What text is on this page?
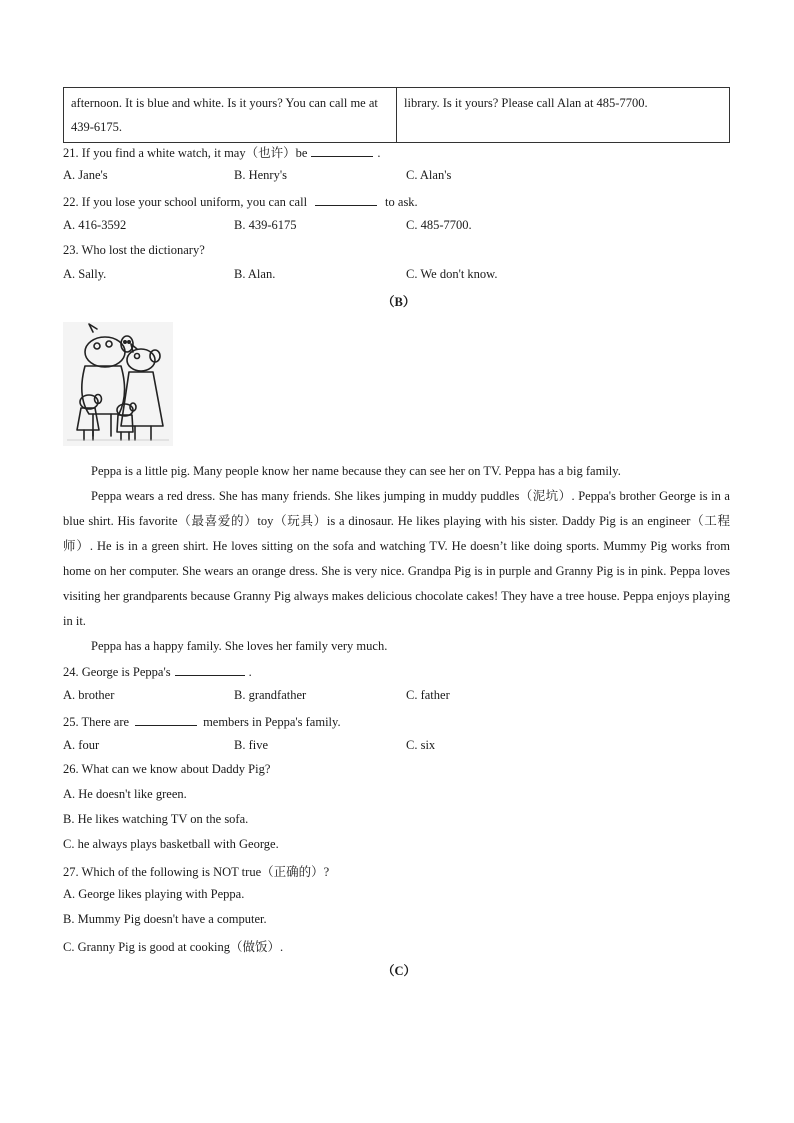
afternoon. It is blue and white. Is it yours? You can call me at 439-6175.	library. Is it yours? Please call Alan at 485-7700.
21. If you find a white watch, it may（也许）be	.
A. Jane's	B. Henry's	C. Alan's
22. If you lose your school uniform, you can call	to ask.
A. 416-3592	B. 439-6175	C. 485-7700.
23. Who lost the dictionary?
A. Sally.	B. Alan.	C. We don't know.
（B）
Peppa is a little pig. Many people know her name because they can see her on TV. Peppa has a big family.
Peppa wears a red dress. She has many friends. She likes jumping in muddy puddles（泥坑）. Peppa's brother George is in a blue shirt. His favorite（最喜爱的）toy（玩具）is a dinosaur. He likes playing with his sister. Daddy Pig is an engineer（工程师）. He is in a green shirt. He loves sitting on the sofa and watching TV. He doesn’t like doing sports. Mummy Pig works from home on her computer. She wears an orange dress. She is very nice. Grandpa Pig is in purple and Granny Pig is in pink. Peppa loves visiting her grandparents because Granny Pig always makes delicious chocolate cakes! They have a tree house. Peppa enjoys playing in it.
Peppa has a happy family. She loves her family very much.
24. George is Peppa's	.
A. brother	B. grandfather	C. father
25. There are	members in Peppa's family.
A. four	B. five	C. six
26. What can we know about Daddy Pig?
A. He doesn't like green.
B. He likes watching TV on the sofa.
C. he always plays basketball with George.
27. Which of the following is NOT true（正确的）?
A. George likes playing with Peppa.
B. Mummy Pig doesn't have a computer.
C. Granny Pig is good at cooking（做饭）.
（C）
